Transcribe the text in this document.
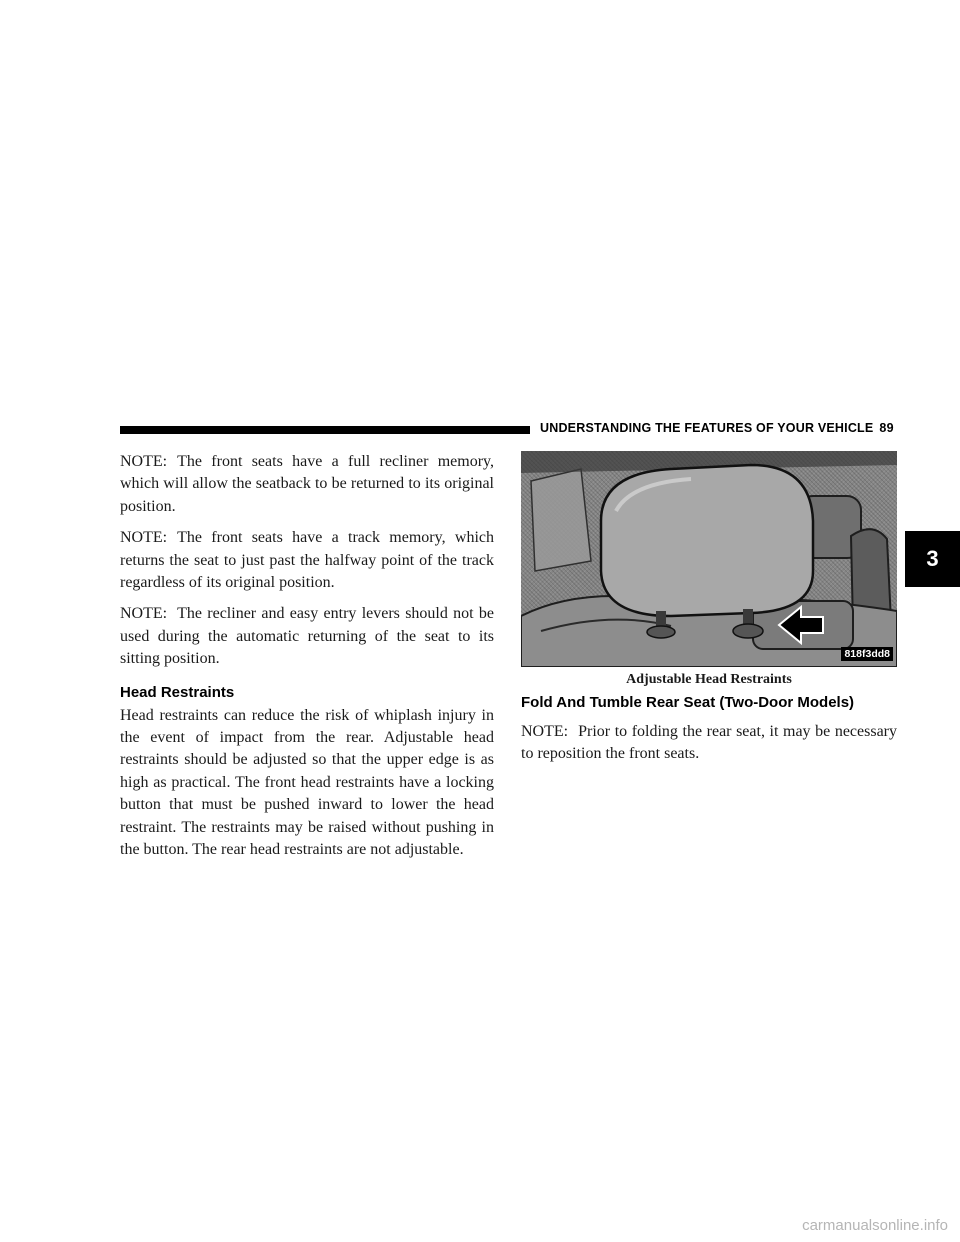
UNDERSTANDING THE FEATURES OF YOUR VEHICLE 89
3

NOTE: The front seats have a full recliner memory, which will allow the seatback to be returned to its original position.

NOTE: The front seats have a track memory, which returns the seat to just past the halfway point of the track regardless of its original position.

NOTE: The recliner and easy entry levers should not be used during the automatic returning of the seat to its sitting position.

Head Restraints

Head restraints can reduce the risk of whiplash injury in the event of impact from the rear. Adjustable head restraints should be adjusted so that the upper edge is as high as practical. The front head restraints have a locking button that must be pushed inward to lower the head restraint. The restraints may be raised without pushing in the button. The rear head restraints are not adjustable.

818f3dd8
Adjustable Head Restraints
Fold And Tumble Rear Seat (Two-Door Models)

NOTE: Prior to folding the rear seat, it may be necessary to reposition the front seats.

carmanualsonline.info
